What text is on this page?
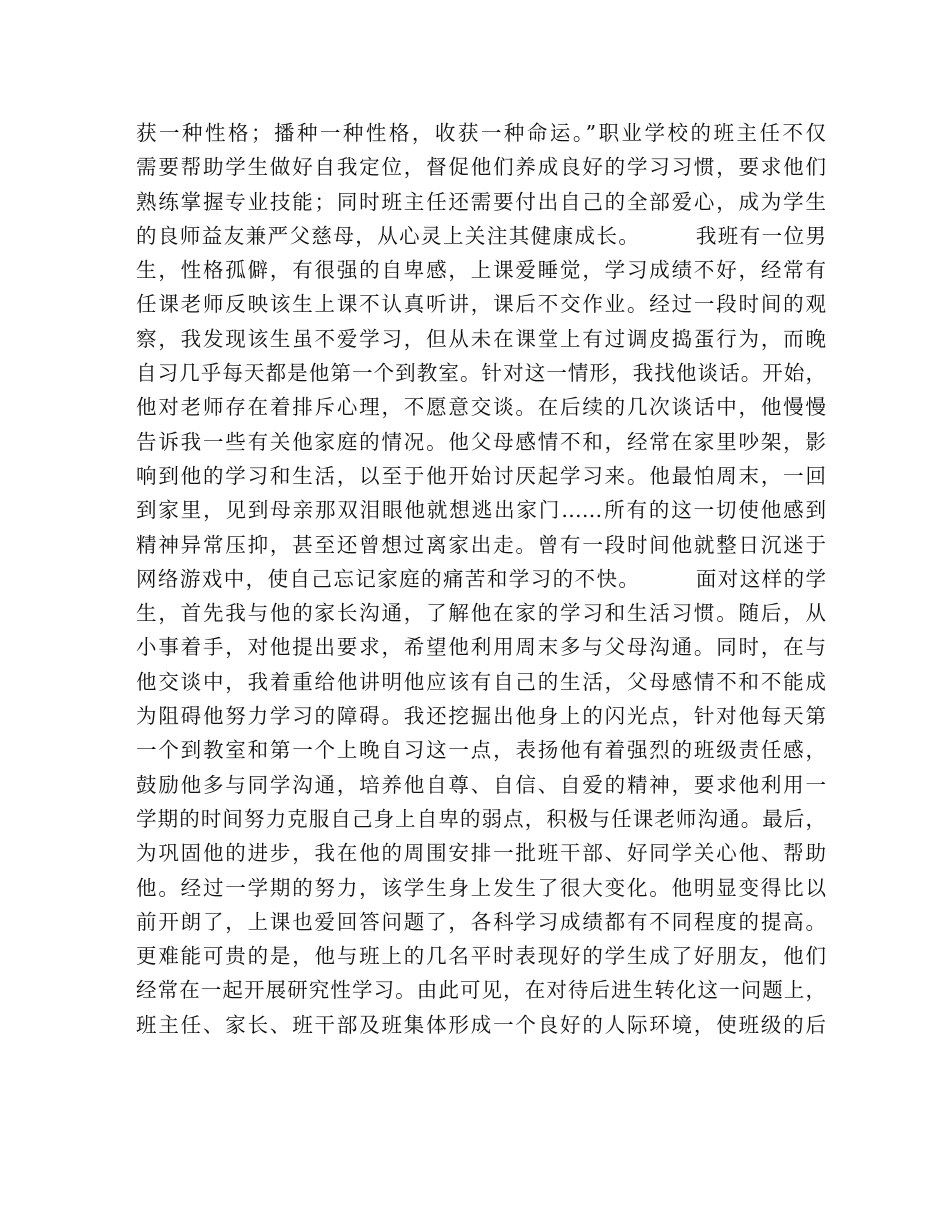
获一种性格；播种一种性格，收获一种命运。”职业学校的班主任不仅
需要帮助学生做好自我定位，督促他们养成良好的学习习惯，要求他们
熟练掌握专业技能；同时班主任还需要付出自己的全部爱心，成为学生
的良师益友兼严父慈母，从心灵上关注其健康成长。　　　我班有一位男
生，性格孤僻，有很强的自卑感，上课爱睡觉，学习成绩不好，经常有
任课老师反映该生上课不认真听讲，课后不交作业。经过一段时间的观
察，我发现该生虽不爱学习，但从未在课堂上有过调皮捣蛋行为，而晚
自习几乎每天都是他第一个到教室。针对这一情形，我找他谈话。开始，
他对老师存在着排斥心理，不愿意交谈。在后续的几次谈话中，他慢慢
告诉我一些有关他家庭的情况。他父母感情不和，经常在家里吵架，影
响到他的学习和生活，以至于他开始讨厌起学习来。他最怕周末，一回
到家里，见到母亲那双泪眼他就想逃出家门……所有的这一切使他感到
精神异常压抑，甚至还曾想过离家出走。曾有一段时间他就整日沉迷于
网络游戏中，使自己忘记家庭的痛苦和学习的不快。　　　面对这样的学
生，首先我与他的家长沟通，了解他在家的学习和生活习惯。随后，从
小事着手，对他提出要求，希望他利用周末多与父母沟通。同时，在与
他交谈中，我着重给他讲明他应该有自己的生活，父母感情不和不能成
为阻碍他努力学习的障碍。我还挖掘出他身上的闪光点，针对他每天第
一个到教室和第一个上晚自习这一点，表扬他有着强烈的班级责任感，
鼓励他多与同学沟通，培养他自尊、自信、自爱的精神，要求他利用一
学期的时间努力克服自己身上自卑的弱点，积极与任课老师沟通。最后，
为巩固他的进步，我在他的周围安排一批班干部、好同学关心他、帮助
他。经过一学期的努力，该学生身上发生了很大变化。他明显变得比以
前开朗了，上课也爱回答问题了，各科学习成绩都有不同程度的提高。
更难能可贵的是，他与班上的几名平时表现好的学生成了好朋友，他们
经常在一起开展研究性学习。由此可见，在对待后进生转化这一问题上，
班主任、家长、班干部及班集体形成一个良好的人际环境，使班级的后
